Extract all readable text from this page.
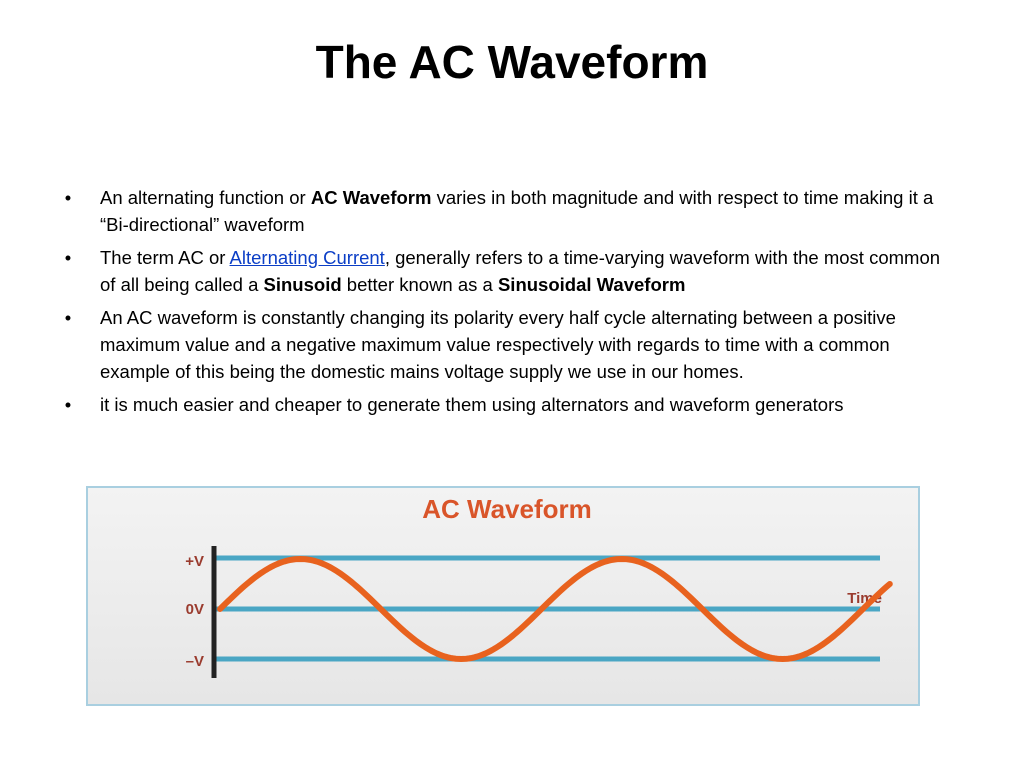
The AC Waveform
•	An alternating function or AC Waveform varies in both magnitude and with respect to time making it a “Bi-directional” waveform
•	The term AC or Alternating Current, generally refers to a time-varying waveform with the most common of all being called a Sinusoid better known as a Sinusoidal Waveform
•	An AC waveform is constantly changing its polarity every half cycle alternating between a positive maximum value and a negative maximum value respectively with regards to time with a common example of this being the domestic mains voltage supply we use in our homes.
•	it is much easier and cheaper to generate them using alternators and waveform generators
AC Waveform
+V
0V
–V
Time
